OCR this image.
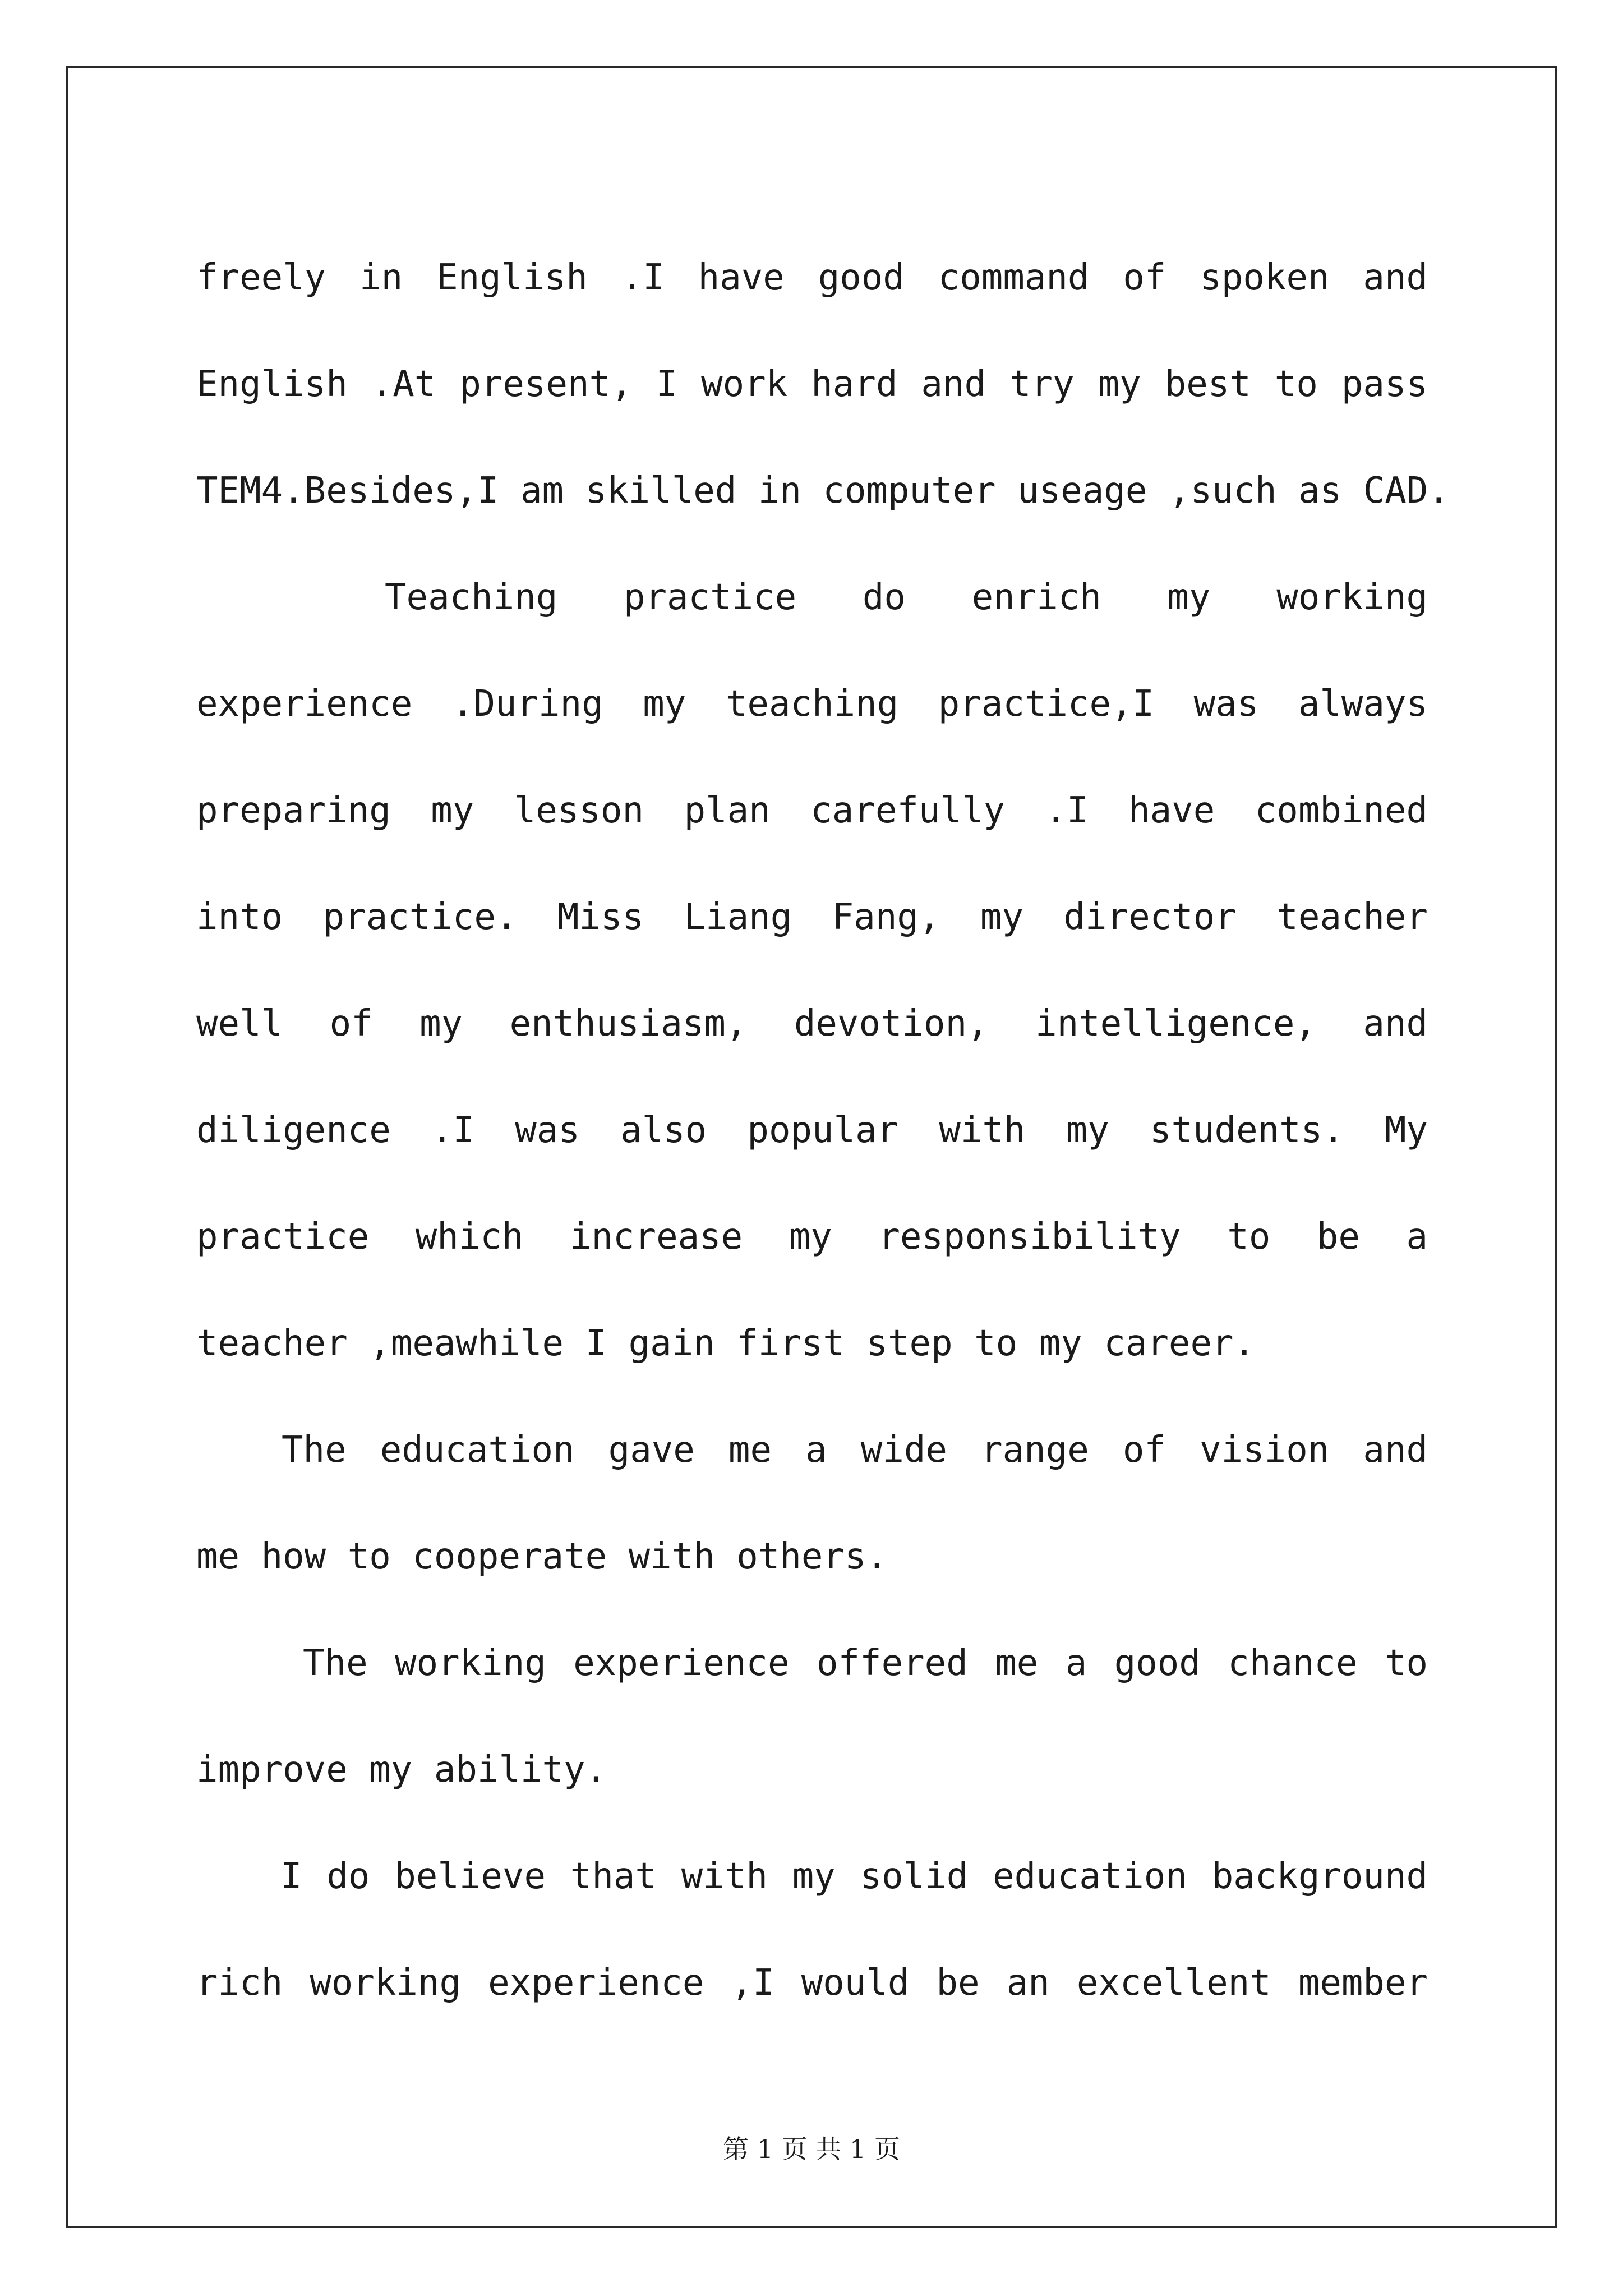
freely in English .I have good command of spoken and
English .At present, I work hard and try my best to pass
TEM4.Besides,I am skilled in computer useage ,such as CAD.
Teaching practice do enrich my working
experience .During my teaching practice,I was always
preparing my lesson plan carefully .I have combined
into practice. Miss Liang Fang, my director teacher
well of my enthusiasm, devotion, intelligence, and
diligence .I was also popular with my students. My
practice which increase my responsibility to be a
teacher ,meawhile I gain first step to my career.
The education gave me a wide range of vision and
me how to cooperate with others.
The working experience offered me a good chance to
improve my ability.
I do believe that with my solid education background
rich working experience ,I would be an excellent member
第 1 页 共 1 页
